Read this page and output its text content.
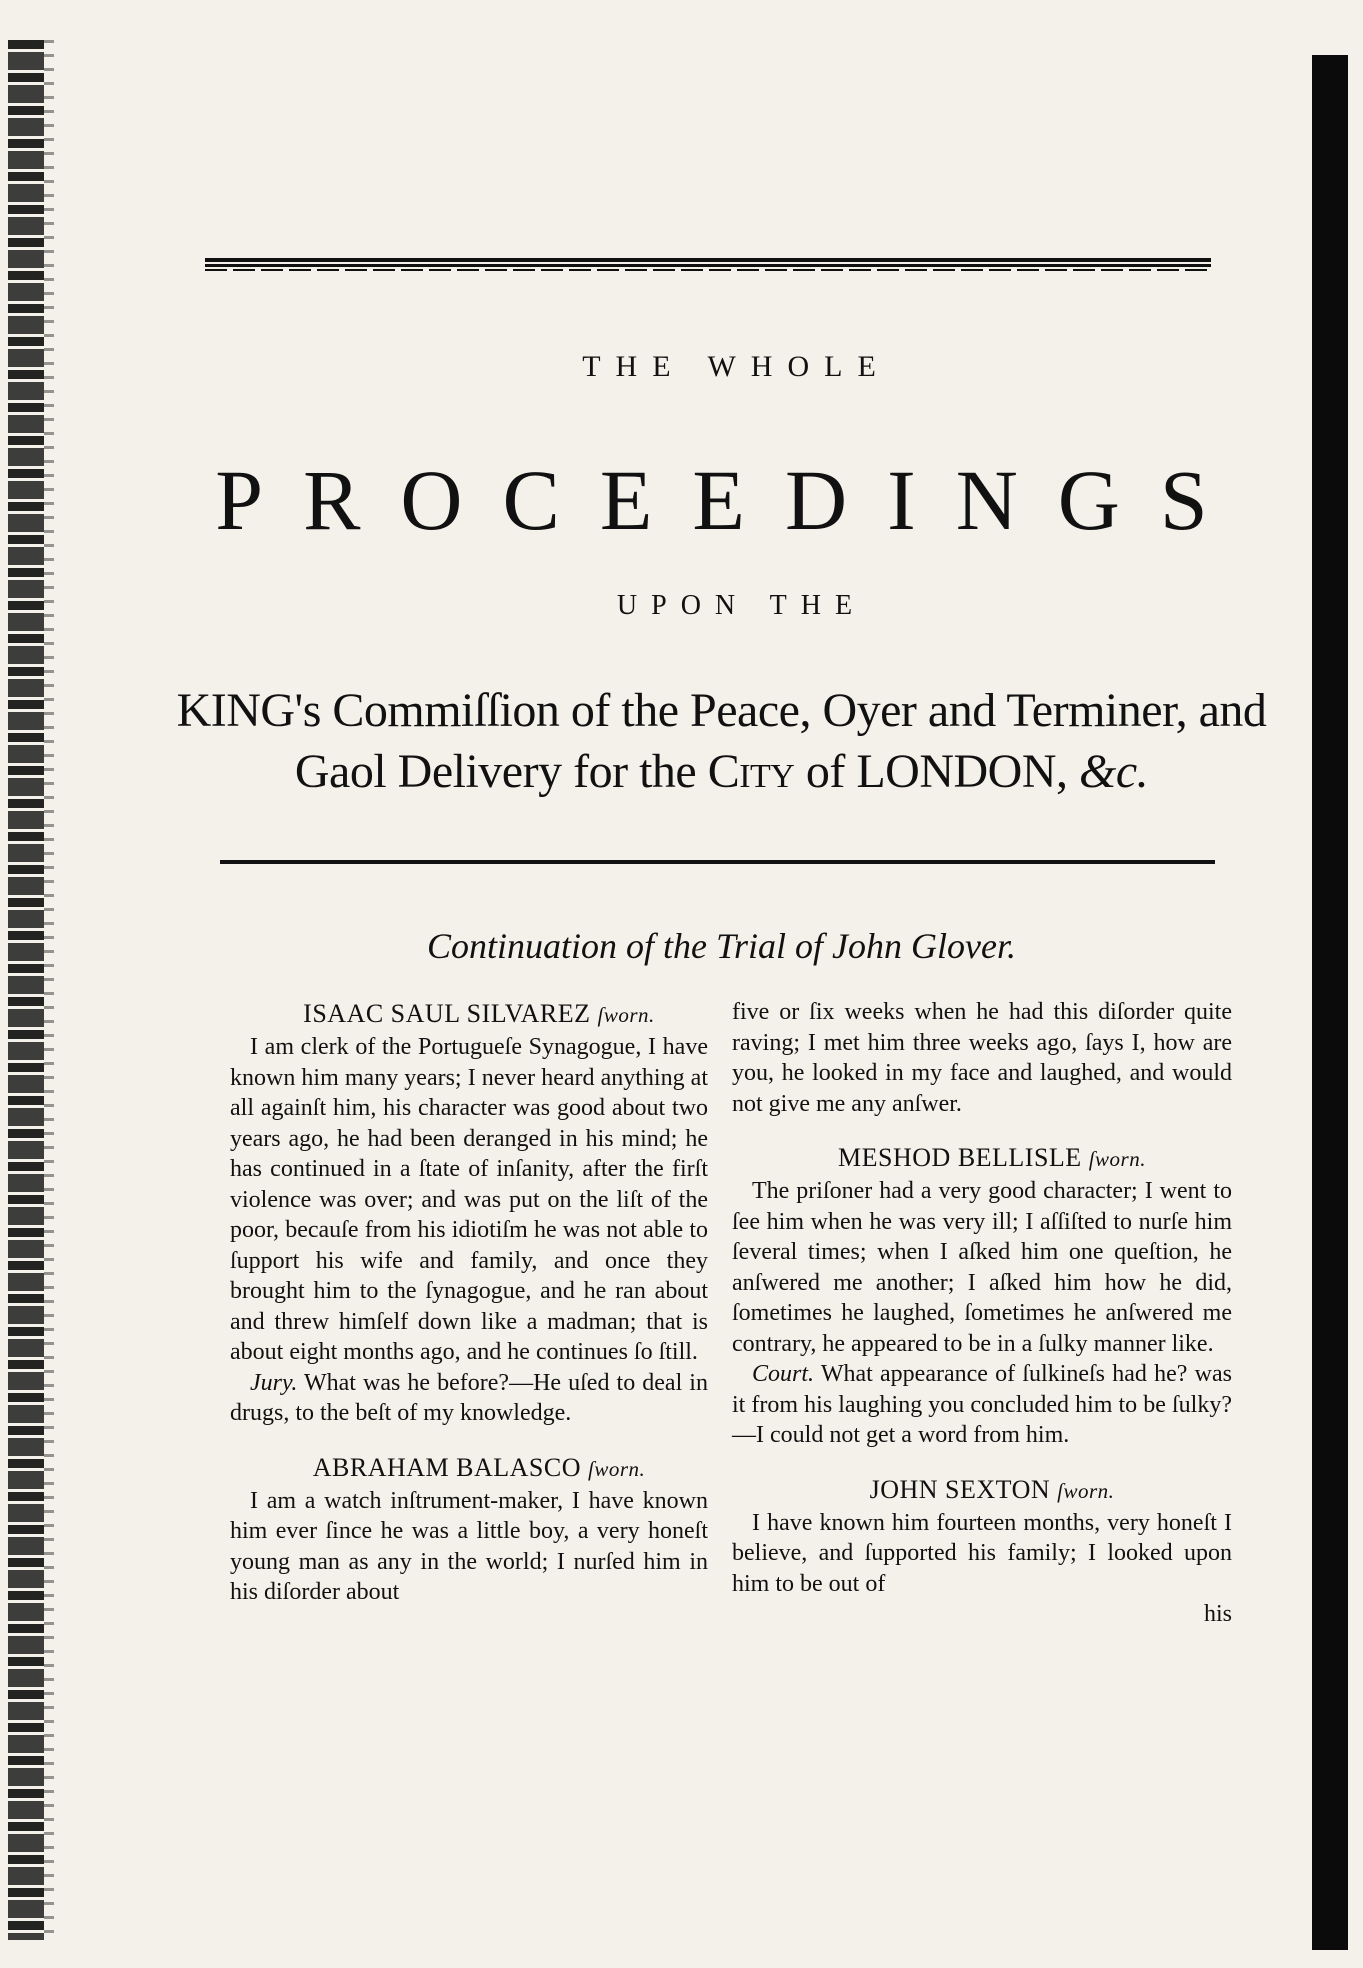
THE WHOLE
PROCEEDINGS
UPON THE
KING's Commiſſion of the Peace, Oyer and Terminer, and
Gaol Delivery for the City of LONDON, &c.
Continuation of the Trial of John Glover.

ISAAC SAUL SILVAREZ ſworn.

I am clerk of the Portugueſe Synagogue, I have known him many years; I never heard anything at all againſt him, his character was good about two years ago, he had been deranged in his mind; he has continued in a ſtate of inſanity, after the firſt violence was over; and was put on the liſt of the poor, becauſe from his idiotiſm he was not able to ſupport his wife and family, and once they brought him to the ſynagogue, and he ran about and threw himſelf down like a madman; that is about eight months ago, and he continues ſo ſtill.

Jury. What was he before?—He uſed to deal in drugs, to the beſt of my knowledge.

ABRAHAM BALASCO ſworn.

I am a watch inſtrument-maker, I have known him ever ſince he was a little boy, a very honeſt young man as any in the world; I nurſed him in his diſorder about

five or ſix weeks when he had this diſorder quite raving; I met him three weeks ago, ſays I, how are you, he looked in my face and laughed, and would not give me any anſwer.

MESHOD BELLISLE ſworn.

The priſoner had a very good character; I went to ſee him when he was very ill; I aſſiſted to nurſe him ſeveral times; when I aſked him one queſtion, he anſwered me another; I aſked him how he did, ſometimes he laughed, ſometimes he anſwered me contrary, he appeared to be in a ſulky manner like.

Court. What appearance of ſulkineſs had he? was it from his laughing you concluded him to be ſulky?—I could not get a word from him.

JOHN SEXTON ſworn.

I have known him fourteen months, very honeſt I believe, and ſupported his family; I looked upon him to be out of

his
